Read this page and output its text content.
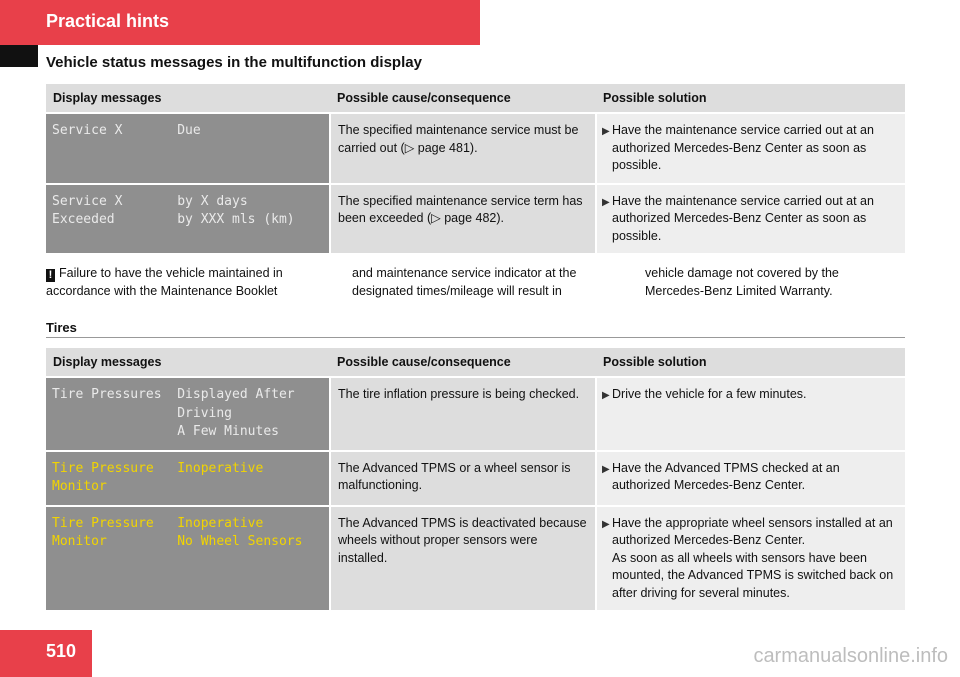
Practical hints
Vehicle status messages in the multifunction display
Display messages	Possible cause/consequence	Possible solution
Service X       Due	The specified maintenance service must be carried out (▷ page 481).	▶ Have the maintenance service carried out at an authorized Mercedes-Benz Center as soon as possible.

Service X       by X days
Exceeded        by XXX mls (km)	The specified maintenance service term has been exceeded (▷ page 482).	▶ Have the maintenance service carried out at an authorized Mercedes-Benz Center as soon as possible.
! Failure to have the vehicle maintained in accordance with the Maintenance Booklet
and maintenance service indicator at the designated times/mileage will result in
vehicle damage not covered by the Mercedes-Benz Limited Warranty.
Tires
Display messages	Possible cause/consequence	Possible solution
Tire Pressures  Displayed After
Driving
A Few Minutes	The tire inflation pressure is being checked.	▶ Drive the vehicle for a few minutes.

Tire Pressure   Inoperative
Monitor	The Advanced TPMS or a wheel sensor is malfunctioning.	▶ Have the Advanced TPMS checked at an authorized Mercedes-Benz Center.

Tire Pressure   Inoperative
Monitor         No Wheel Sensors	The Advanced TPMS is deactivated because wheels without proper sensors were installed.	▶ Have the appropriate wheel sensors installed at an authorized Mercedes-Benz Center.
As soon as all wheels with sensors have been mounted, the Advanced TPMS is switched back on after driving for several minutes.
510	carmanualsonline.info
